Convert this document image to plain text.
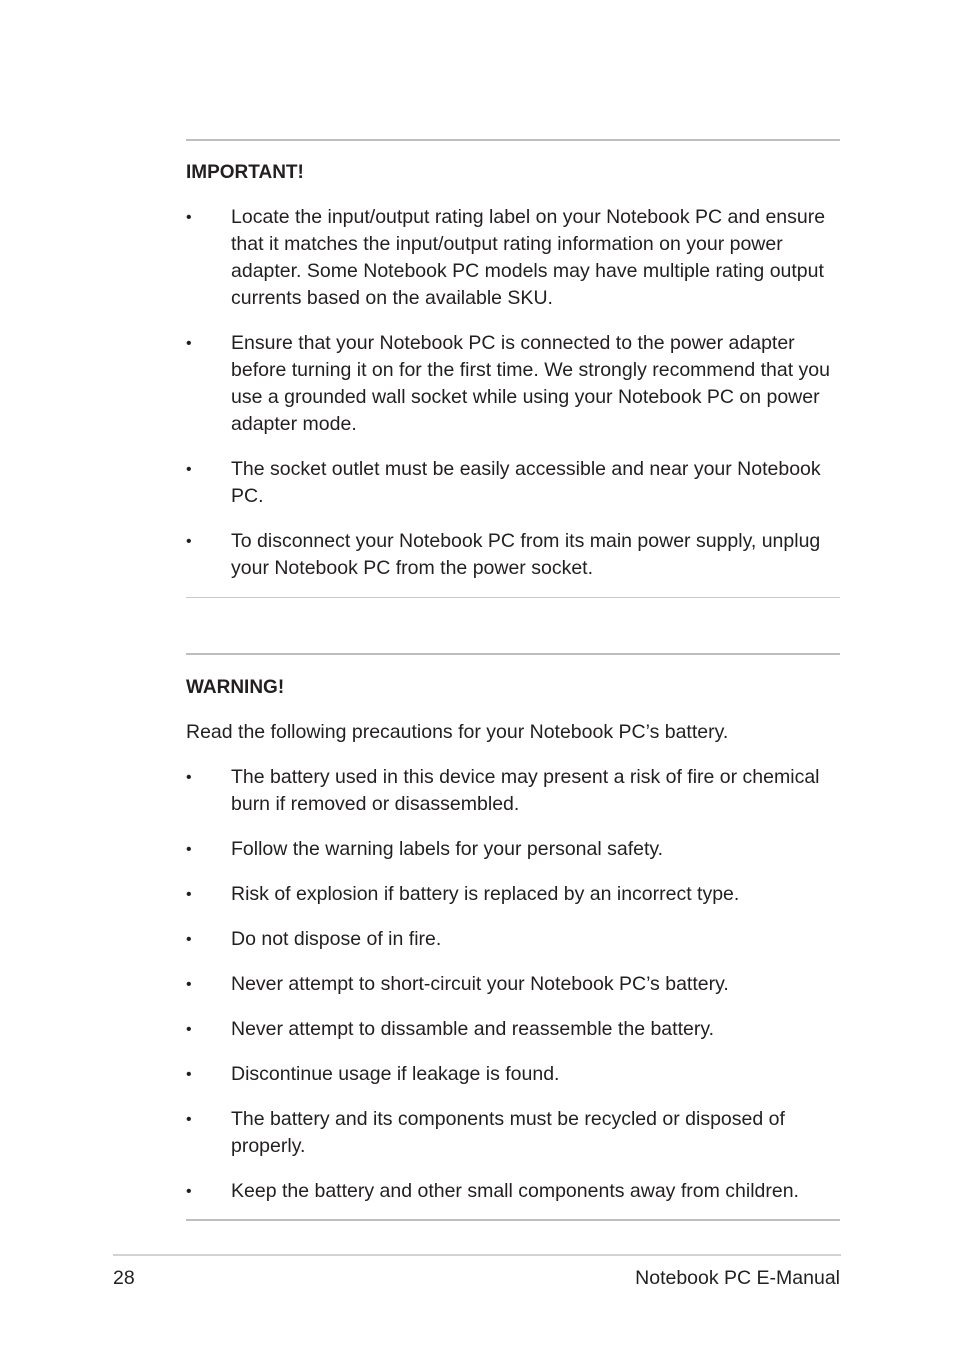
IMPORTANT!
• Locate the input/output rating label on your Notebook PC and ensure that it matches the input/output rating information on your power adapter. Some Notebook PC models may have multiple rating output currents based on the available SKU.
• Ensure that your Notebook PC is connected to the power adapter before turning it on for the first time. We strongly recommend that you use a grounded wall socket while using your Notebook PC on power adapter mode.
• The socket outlet must be easily accessible and near your Notebook PC.
• To disconnect your Notebook PC from its main power supply, unplug your Notebook PC from the power socket.
WARNING!

Read the following precautions for your Notebook PC’s battery.

• The battery used in this device may present a risk of fire or chemical burn if removed or disassembled.
• Follow the warning labels for your personal safety.
• Risk of explosion if battery is replaced by an incorrect type.
• Do not dispose of in fire.
• Never attempt to short-circuit your Notebook PC’s battery.
• Never attempt to dissamble and reassemble the battery.
• Discontinue usage if leakage is found.
• The battery and its components must be recycled or disposed of properly.
• Keep the battery and other small components away from children.
28	Notebook PC E-Manual
